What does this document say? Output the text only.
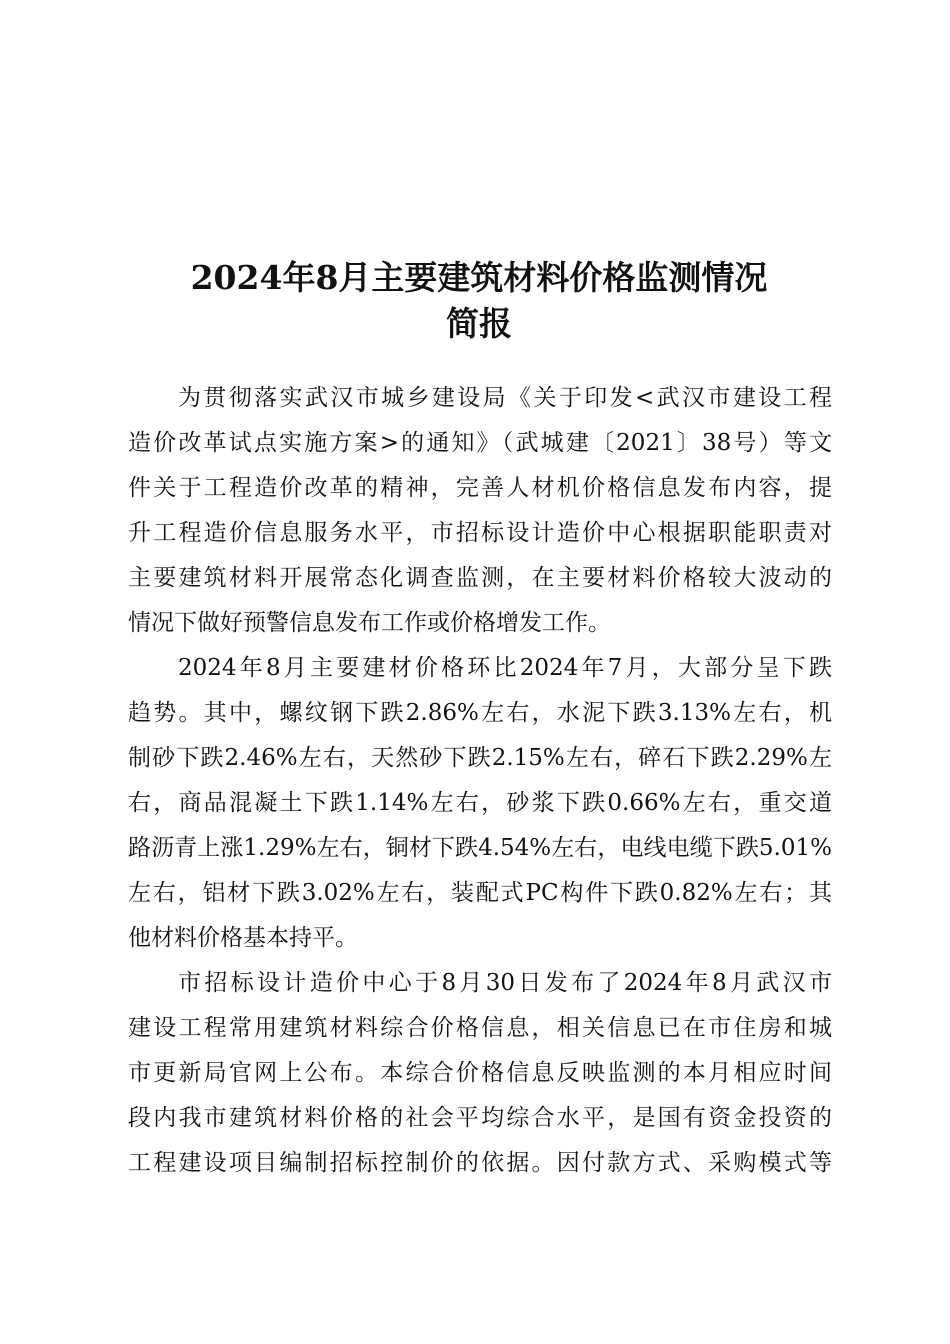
2024年8月主要建筑材料价格监测情况
简报
为贯彻落实武汉市城乡建设局《关于印发<武汉市建设工程
造价改革试点实施方案>的通知》（武城建〔2021〕38号）等文
件关于工程造价改革的精神，完善人材机价格信息发布内容，提
升工程造价信息服务水平，市招标设计造价中心根据职能职责对
主要建筑材料开展常态化调查监测，在主要材料价格较大波动的
情况下做好预警信息发布工作或价格增发工作。
2024年8月主要建材价格环比2024年7月，大部分呈下跌
趋势。其中，螺纹钢下跌2.86%左右，水泥下跌3.13%左右，机
制砂下跌2.46%左右，天然砂下跌2.15%左右，碎石下跌2.29%左
右，商品混凝土下跌1.14%左右，砂浆下跌0.66%左右，重交道
路沥青上涨1.29%左右，铜材下跌4.54%左右，电线电缆下跌5.01%
左右，铝材下跌3.02%左右，装配式PC构件下跌0.82%左右；其
他材料价格基本持平。
市招标设计造价中心于8月30日发布了2024年8月武汉市
建设工程常用建筑材料综合价格信息，相关信息已在市住房和城
市更新局官网上公布。本综合价格信息反映监测的本月相应时间
段内我市建筑材料价格的社会平均综合水平，是国有资金投资的
工程建设项目编制招标控制价的依据。因付款方式、采购模式等
